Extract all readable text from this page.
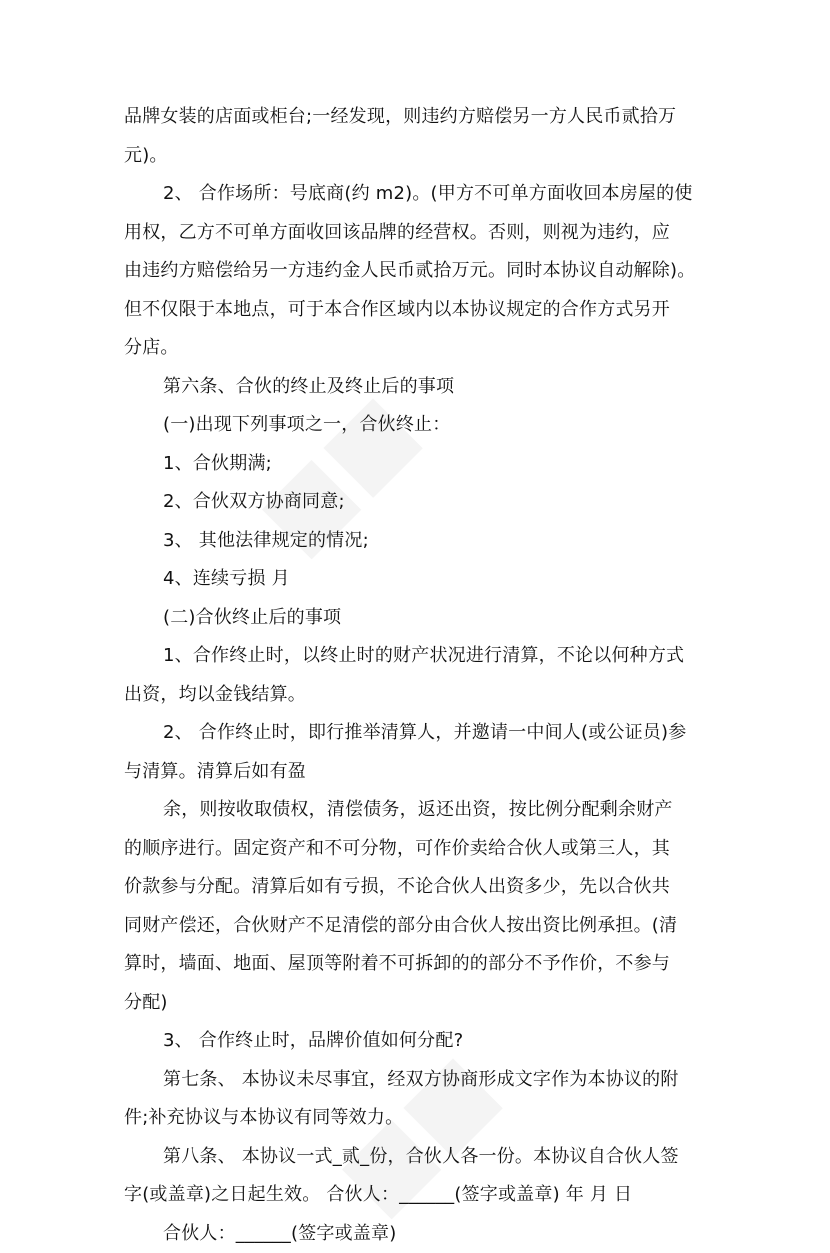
品牌女装的店面或柜台;一经发现，则违约方赔偿另一方人民币贰拾万
元)。
2、 合作场所：号底商(约 m2)。(甲方不可单方面收回本房屋的使
用权，乙方不可单方面收回该品牌的经营权。否则，则视为违约，应
由违约方赔偿给另一方违约金人民币贰拾万元。同时本协议自动解除)。
但不仅限于本地点，可于本合作区域内以本协议规定的合作方式另开
分店。
第六条、合伙的终止及终止后的事项
(一)出现下列事项之一，合伙终止：
1、合伙期满;
2、合伙双方协商同意;
3、 其他法律规定的情况;
4、连续亏损 月
(二)合伙终止后的事项
1、合作终止时，以终止时的财产状况进行清算，不论以何种方式
出资，均以金钱结算。
2、 合作终止时，即行推举清算人，并邀请一中间人(或公证员)参
与清算。清算后如有盈
余，则按收取债权，清偿债务，返还出资，按比例分配剩余财产
的顺序进行。固定资产和不可分物，可作价卖给合伙人或第三人，其
价款参与分配。清算后如有亏损，不论合伙人出资多少，先以合伙共
同财产偿还，合伙财产不足清偿的部分由合伙人按出资比例承担。(清
算时，墙面、地面、屋顶等附着不可拆卸的的部分不予作价，不参与
分配)
3、 合作终止时，品牌价值如何分配?
第七条、 本协议未尽事宜，经双方协商形成文字作为本协议的附
件;补充协议与本协议有同等效力。
第八条、 本协议一式_贰_份，合伙人各一份。本协议自合伙人签
字(或盖章)之日起生效。 合伙人：______(签字或盖章) 年 月 日
合伙人：______(签字或盖章)
